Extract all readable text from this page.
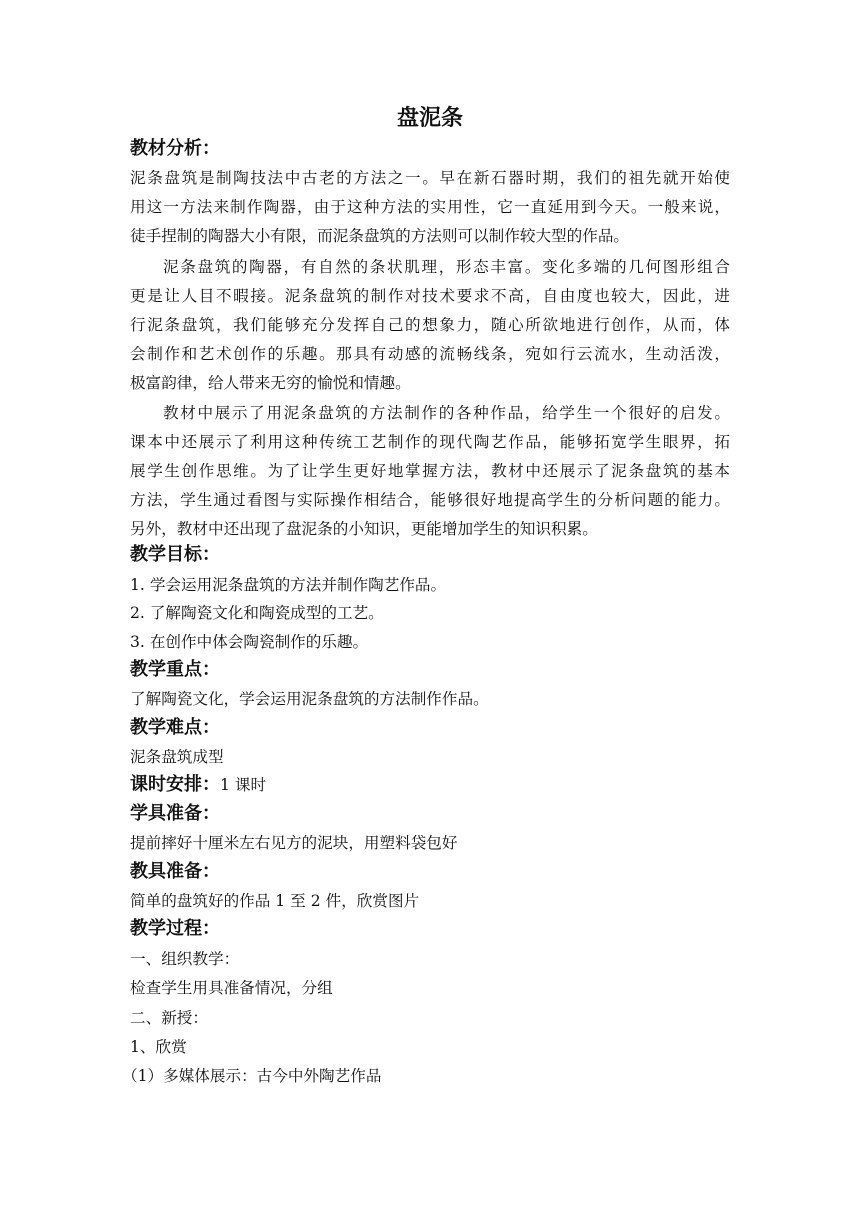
盘泥条
教材分析：
泥条盘筑是制陶技法中古老的方法之一。早在新石器时期，我们的祖先就开始使
用这一方法来制作陶器，由于这种方法的实用性，它一直延用到今天。一般来说，
徒手捏制的陶器大小有限，而泥条盘筑的方法则可以制作较大型的作品。
泥条盘筑的陶器，有自然的条状肌理，形态丰富。变化多端的几何图形组合
更是让人目不暇接。泥条盘筑的制作对技术要求不高，自由度也较大，因此，进
行泥条盘筑，我们能够充分发挥自己的想象力，随心所欲地进行创作，从而，体
会制作和艺术创作的乐趣。那具有动感的流畅线条，宛如行云流水，生动活泼，
极富韵律，给人带来无穷的愉悦和情趣。
教材中展示了用泥条盘筑的方法制作的各种作品，给学生一个很好的启发。
课本中还展示了利用这种传统工艺制作的现代陶艺作品，能够拓宽学生眼界，拓
展学生创作思维。为了让学生更好地掌握方法，教材中还展示了泥条盘筑的基本
方法，学生通过看图与实际操作相结合，能够很好地提高学生的分析问题的能力。
另外，教材中还出现了盘泥条的小知识，更能增加学生的知识积累。
教学目标：
1. 学会运用泥条盘筑的方法并制作陶艺作品。
2. 了解陶瓷文化和陶瓷成型的工艺。
3. 在创作中体会陶瓷制作的乐趣。
教学重点：
了解陶瓷文化，学会运用泥条盘筑的方法制作作品。
教学难点：
泥条盘筑成型
课时安排：1 课时
学具准备：
提前摔好十厘米左右见方的泥块，用塑料袋包好
教具准备：
简单的盘筑好的作品 1 至 2 件，欣赏图片
教学过程：
一、组织教学：
检查学生用具准备情况，分组
二、新授：
1、欣赏
（1）多媒体展示：古今中外陶艺作品
